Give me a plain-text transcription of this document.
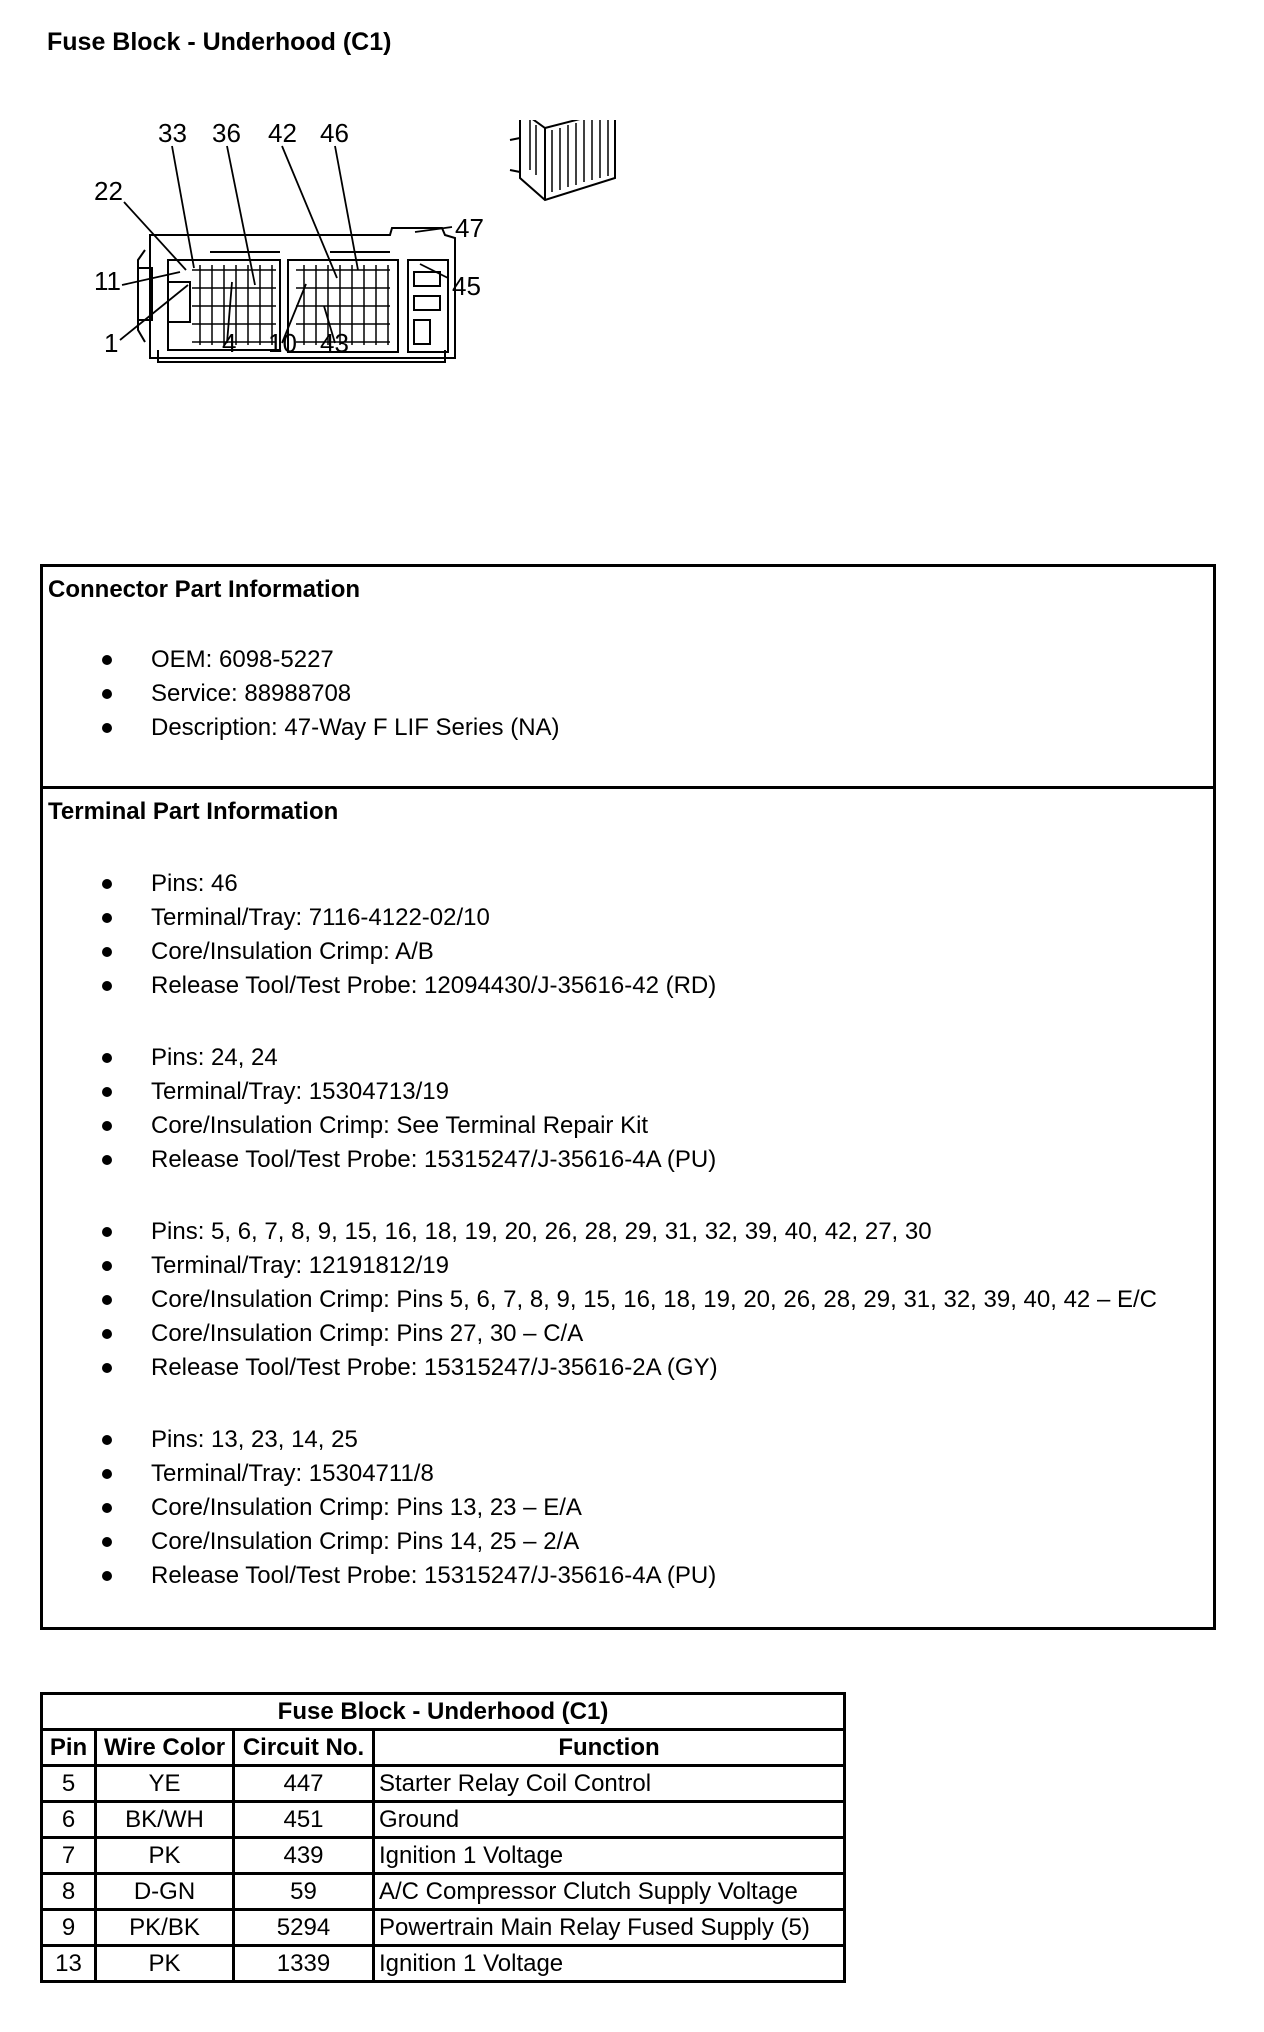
Fuse Block - Underhood (C1)
33 36 42 46
22
47
11	45
1	4 10 43
Connector Part Information
OEM: 6098-5227
Service: 88988708
Description: 47-Way F LIF Series (NA)
Terminal Part Information
Pins: 46
Terminal/Tray: 7116-4122-02/10
Core/Insulation Crimp: A/B
Release Tool/Test Probe: 12094430/J-35616-42 (RD)
Pins: 24, 24
Terminal/Tray: 15304713/19
Core/Insulation Crimp: See Terminal Repair Kit
Release Tool/Test Probe: 15315247/J-35616-4A (PU)
Pins: 5, 6, 7, 8, 9, 15, 16, 18, 19, 20, 26, 28, 29, 31, 32, 39, 40, 42, 27, 30
Terminal/Tray: 12191812/19
Core/Insulation Crimp: Pins 5, 6, 7, 8, 9, 15, 16, 18, 19, 20, 26, 28, 29, 31, 32, 39, 40, 42 – E/C
Core/Insulation Crimp: Pins 27, 30 – C/A
Release Tool/Test Probe: 15315247/J-35616-2A (GY)
Pins: 13, 23, 14, 25
Terminal/Tray: 15304711/8
Core/Insulation Crimp: Pins 13, 23 – E/A
Core/Insulation Crimp: Pins 14, 25 – 2/A
Release Tool/Test Probe: 15315247/J-35616-4A (PU)
Fuse Block - Underhood (C1)			
Pin	Wire Color	Circuit No.	Function
5	YE	447	Starter Relay Coil Control
6	BK/WH	451	Ground
7	PK	439	Ignition 1 Voltage
8	D-GN	59	A/C Compressor Clutch Supply Voltage
9	PK/BK	5294	Powertrain Main Relay Fused Supply (5)
13	PK	1339	Ignition 1 Voltage
